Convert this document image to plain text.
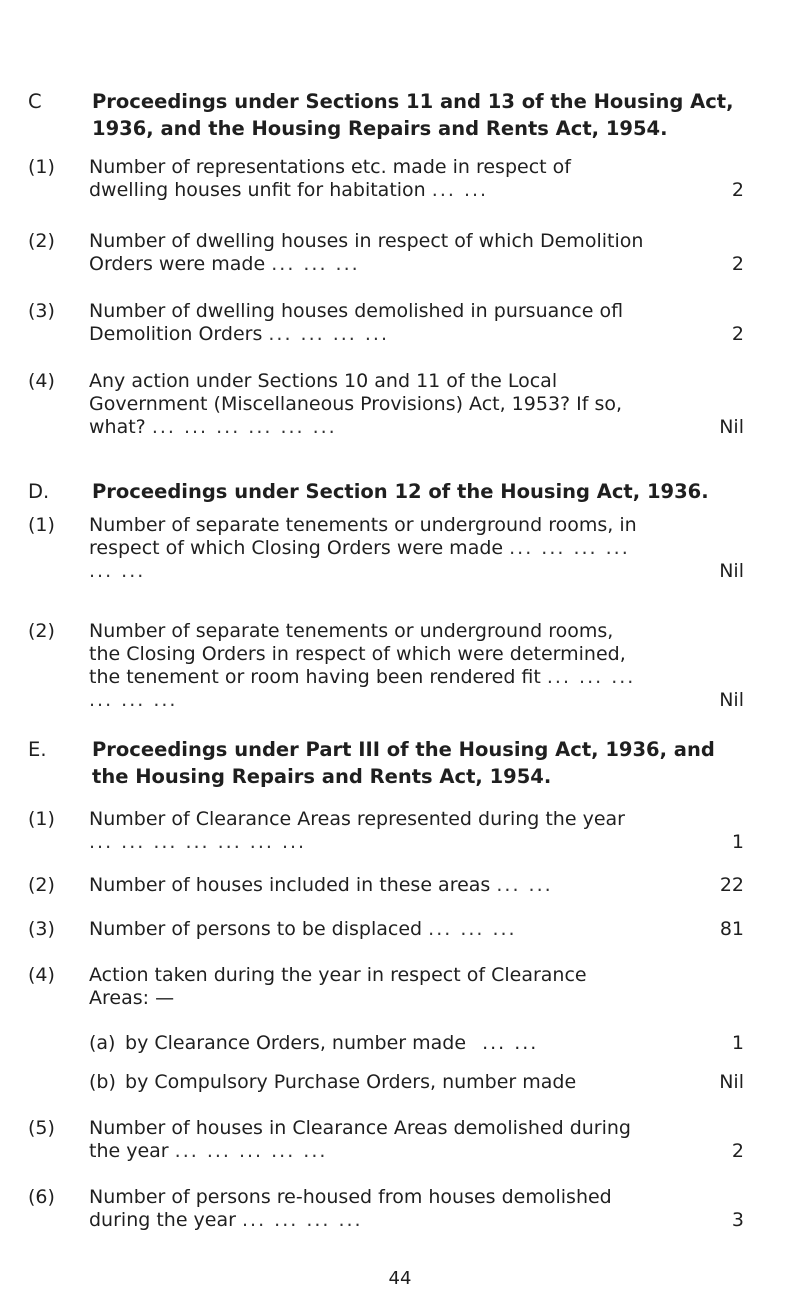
C	Proceedings under Sections 11 and 13 of the Housing Act, 1936, and the Housing Repairs and Rents Act, 1954.
(1) Number of representations etc. made in respect of dwelling houses unfit for habitation ... ...	2
(2) Number of dwelling houses in respect of which Demolition Orders were made ... ... ...	2
(3) Number of dwelling houses demolished in pursuance ofl Demolition Orders ... ... ... ...	2
(4) Any action under Sections 10 and 11 of the Local Government (Miscellaneous Provisions) Act, 1953? If so, what? ... ... ... ... ... ...	Nil
D. Proceedings under Section 12 of the Housing Act, 1936.
(1) Number of separate tenements or underground rooms, in respect of which Closing Orders were made ... ... ... ... ... ...	Nil
(2) Number of separate tenements or underground rooms, the Closing Orders in respect of which were determined, the tenement or room having been rendered fit ... ... ... ... ... ...	Nil
E. Proceedings under Part III of the Housing Act, 1936, and the Housing Repairs and Rents Act, 1954.
(1) Number of Clearance Areas represented during the year ... ... ... ... ... ... ...	1
(2) Number of houses included in these areas ... ...	22
(3) Number of persons to be displaced ... ... ...	81
(4) Action taken during the year in respect of Clearance Areas: —
(a) by Clearance Orders, number made ... ...	1
(b) by Compulsory Purchase Orders, number made	Nil
(5) Number of houses in Clearance Areas demolished during the year ... ... ... ... ...	2
(6) Number of persons re-housed from houses demolished during the year ... ... ... ...	3
44
